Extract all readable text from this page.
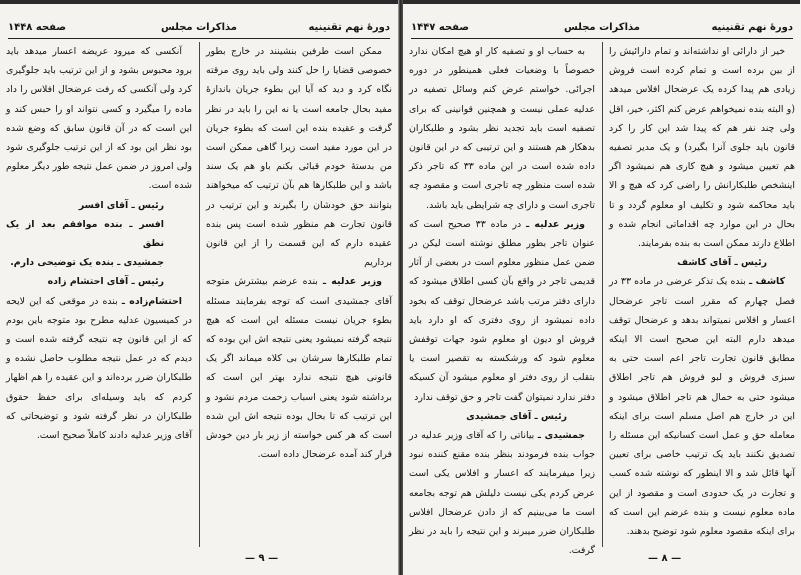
دورهٔ نهم تقنینیه
مذاکرات مجلس
صفحه ۱۴۴۸

ممکن است طرفین بنشینند در خارج بطور خصوصی قضایا را حل کنند ولی باید روی مرقته نگاه کرد و دید که آیا این بطوء جریان باندازهٔ مفید بحال جامعه است یا نه این را باید در نظر گرفت و عقیده بنده این است که بطوء جریان در این مورد مفید است زیرا گاهی ممکن است من بدستهٔ خودم قبائی بکنم باو هم یک سند باشد و این طلبکارها هم بآن ترتیب که میخواهند بتوانند حق خودشان را بگیرند و این ترتیب در قانون تجارت هم منظور شده است پس بنده عقیده دارم که این قسمت را از این قانون برداریم

وزیر عدلیه ـ بنده عرضم بیشترش متوجه آقای جمشیدی است که توجه بفرمایند مسئله بطوء جریان نیست مسئله این است که هیچ نتیجه گرفته نمیشود یعنی نتیجه اش این بوده که تمام طلبکارها سرشان بی کلاه میماند اگر یک قانونی هیچ نتیجه ندارد بهتر این است که برداشته شود یعنی اسباب زحمت مردم نشود و این ترتیب که تا بحال بوده نتیجه اش این شده است که هر کس خواسته از زیر بار دین خودش فرار کند آمده عرضحال داده است.

آنکسی که میرود عریضه اعسار میدهد باید برود محبوس بشود و از این ترتیب باید جلوگیری کرد ولی آنکسی که رفت عرضحال افلاس را داد ماده را میگیرد و کسی نتواند او را حبس کند و این است که در آن قانون سابق که وضع شده بود نظر این بود که از این ترتیب جلوگیری شود ولی امروز در ضمن عمل نتیجه طور دیگر معلوم شده است.

رئیس ـ آقای افسر
افسر ـ بنده موافقم بعد از یک نطق
جمشیدی ـ بنده یک توضیحی دارم.
رئیس ـ آقای احتشام زاده

احتشام‌زاده ـ بنده در موقعی که این لایحه در کمیسیون عدلیه مطرح بود متوجه باین بودم که از این قانون چه نتیجه گرفته شده است و دیدم که در عمل نتیجه مطلوب حاصل نشده و طلبکاران ضرر برده‌اند و این عقیده را هم اظهار کردم که باید وسیله‌ای برای حفظ حقوق طلبکاران در نظر گرفته شود و توضیحاتی که آقای وزیر عدلیه دادند کاملاً صحیح است.

— ۹ —
دورهٔ نهم تقنینیه
مذاکرات مجلس
صفحه ۱۴۴۷

خیر از دارائی او نداشته‌اند و تمام دارائیش را از بین برده است و تمام کرده است فروش زیادی هم پیدا کرده یک عرضحال افلاس میدهد (و البته بنده نمیخواهم عرض کنم اکثر، خیر، اقل ولی چند نفر هم که پیدا شد این کار را کرد قانون باید جلوی آنرا بگیرد) و یک مدیر تصفیه هم تعیین میشود و هیچ کاری هم نمیشود اگر اینشخص طلبکارانش را راضی کرد که هیچ و الا باید محاکمه شود و تکلیف او معلوم گردد و تا بحال در این موارد چه اقداماتی انجام شده و اطلاع دارند ممکن است به بنده بفرمایند.

رئیس ـ آقای کاشف

کاشف ـ بنده یک تذکر عرضی در ماده ۳۳ در فصل چهارم که مقرر است تاجر عرضحال اعسار و افلاس نمیتواند بدهد و عرضحال توقف میدهد دارم البته این صحیح است الا اینکه مطابق قانون تجارت تاجر اعم است حتی به سبزی فروش و لبو فروش هم تاجر اطلاق میشود حتی به حمال هم تاجر اطلاق میشود و این در خارج هم اصل مسلم است برای اینکه معامله حق و عمل است کسانیکه این مسئله را تصدیق نکنند باید یک ترتیب خاصی برای تعیین آنها قائل شد و الا اینطور که نوشته شده کسب و تجارت در یک حدودی است و مقصود از این ماده معلوم نیست و بنده عرضم این است که برای اینکه مقصود معلوم شود توضیح بدهند.

به حساب او و تصفیه کار او هیچ امکان ندارد خصوصاً با وضعیات فعلی همینطور در دوره اجرائی. خواستم عرض کنم وسائل تصفیه در عدلیه عملی نیست و همچنین قوانینی که برای تصفیه است باید تجدید نظر بشود و طلبکاران بدهکار هم هستند و این ترتیبی که در این قانون داده شده است در این ماده ۳۳ که تاجر ذکر شده است منظور چه تاجری است و مقصود چه تاجری است و دارای چه شرایطی باید باشد.

وزیر عدلیه ـ در ماده ۳۳ صحیح است که عنوان تاجر بطور مطلق نوشته است لیکن در ضمن عمل منظور معلوم است در بعضی از آثار قدیمی تاجر در واقع بآن کسی اطلاق میشود که دارای دفتر مرتب باشد عرضحال توقف که بخود داده نمیشود از روی دفتری که او دارد باید فروش او دیون او معلوم شود جهات توقفش معلوم شود که ورشکسته به تقصیر است یا بتقلب از روی دفتر او معلوم میشود آن کسیکه دفتر ندارد نمیتوان گفت تاجر و حق توقف ندارد

رئیس ـ آقای جمشیدی

جمشیدی ـ بیاناتی را که آقای وزیر عدلیه در جواب بنده فرمودند بنظر بنده مقنع کننده نبود زیرا میفرمایند که اعسار و افلاس یکی است عرض کردم یکی نیست دلیلش هم توجه بجامعه است ما می‌بینیم که از دادن عرضحال افلاس طلبکاران ضرر میبرند و این نتیجه را باید در نظر گرفت.

— ۸ —
